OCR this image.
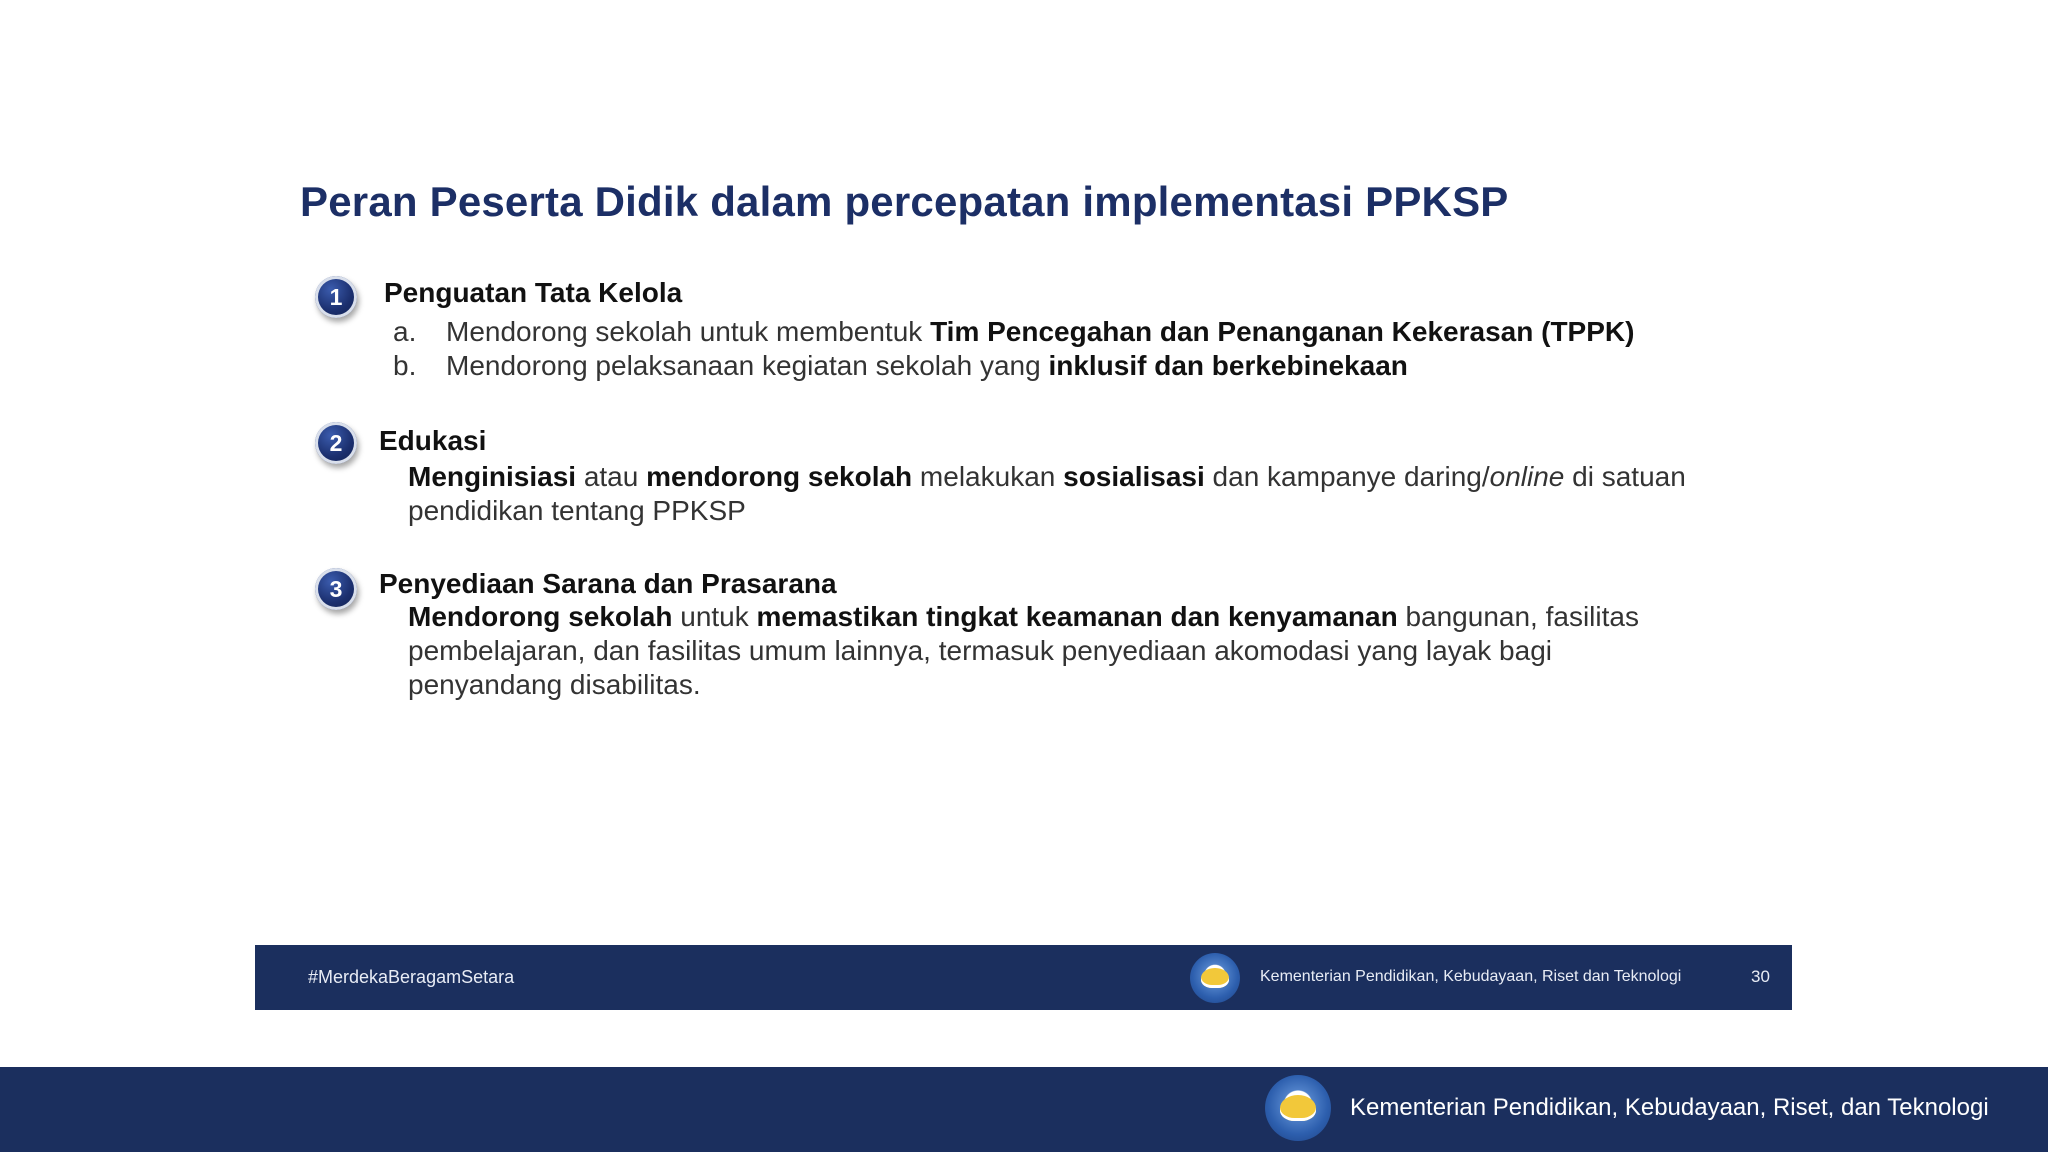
Peran Peserta Didik dalam percepatan implementasi PPKSP
1 Penguatan Tata Kelola
a. Mendorong sekolah untuk membentuk Tim Pencegahan dan Penanganan Kekerasan (TPPK)
b. Mendorong pelaksanaan kegiatan sekolah yang inklusif dan berkebinekaan
2 Edukasi

Menginisiasi atau mendorong sekolah melakukan sosialisasi dan kampanye daring/online di satuan pendidikan tentang PPKSP

3 Penyediaan Sarana dan Prasarana

Mendorong sekolah untuk memastikan tingkat keamanan dan kenyamanan bangunan, fasilitas pembelajaran, dan fasilitas umum lainnya, termasuk penyediaan akomodasi yang layak bagi penyandang disabilitas.

#MerdekaBeragamSetara	Kementerian Pendidikan, Kebudayaan, Riset dan Teknologi	30
Kementerian Pendidikan, Kebudayaan, Riset, dan Teknologi
